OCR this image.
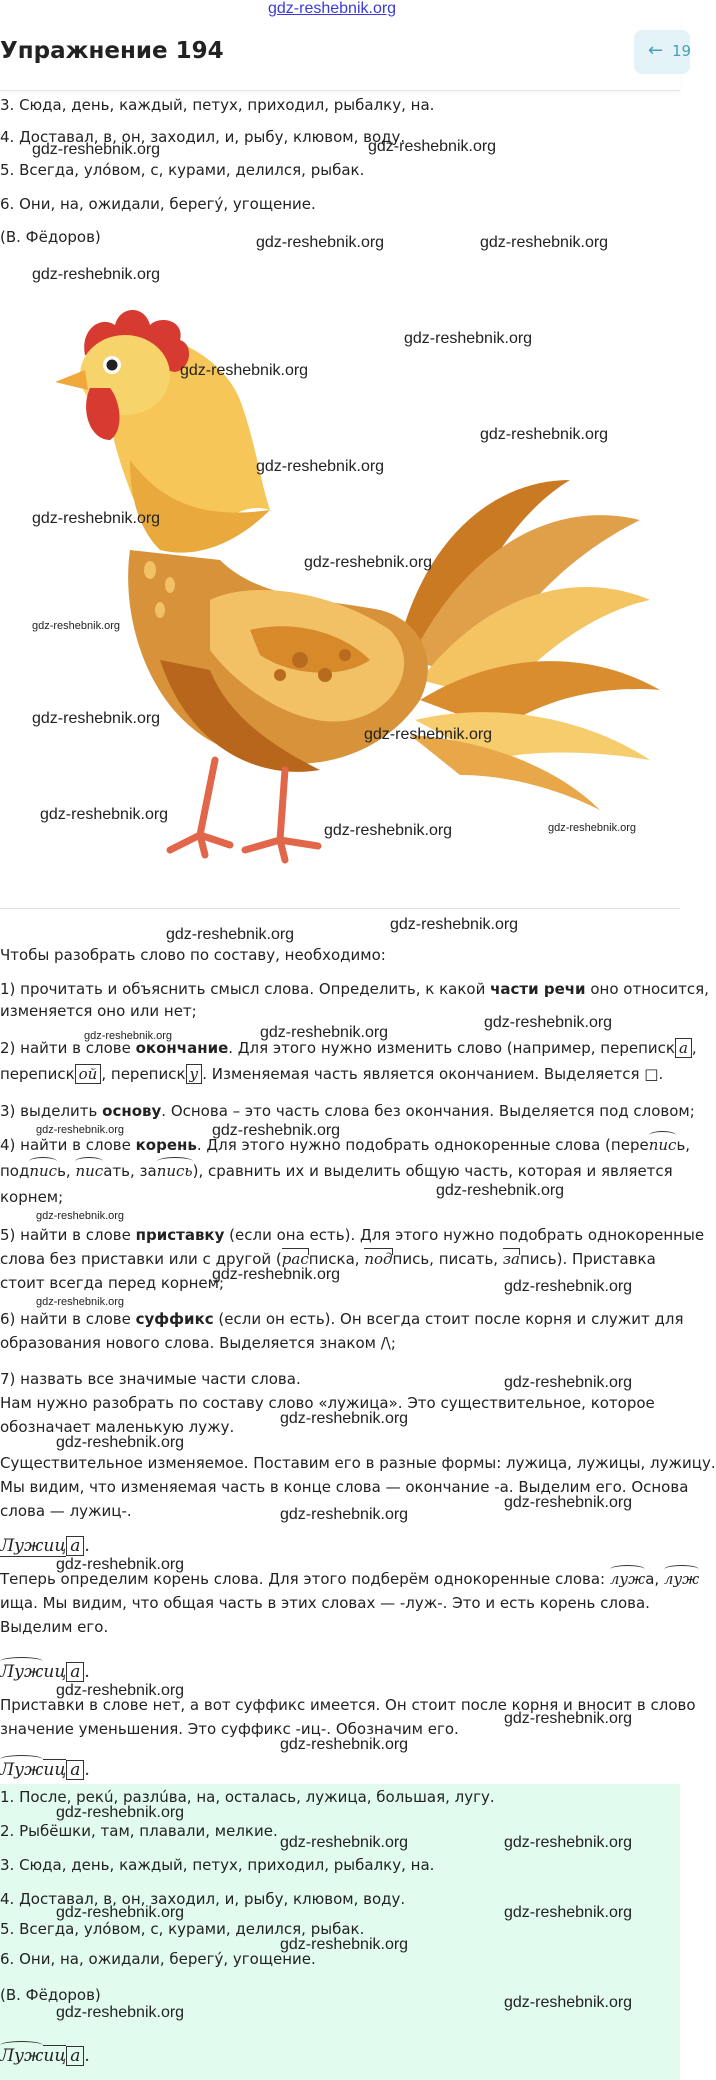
gdz-reshebnik.org
Упражнение 194	← 19
3. Сюда, день, каждый, петух, приходил, рыбалку, на.
4. Доставал, в, он, заходил, и, рыбу, клювом, воду.
5. Всегда, улóвом, с, курами, делился, рыбак.
6. Они, на, ожидали, берегý, угощение.
(В. Фёдоров)
gdz-reshebnik.org	gdz-reshebnik.org
gdz-reshebnik.org	gdz-reshebnik.org
gdz-reshebnik.org
gdz-reshebnik.org
gdz-reshebnik.org
gdz-reshebnik.org
gdz-reshebnik.org
gdz-reshebnik.org
gdz-reshebnik.org
gdz-reshebnik.org
gdz-reshebnik.org
gdz-reshebnik.org
gdz-reshebnik.org
gdz-reshebnik.org	gdz-reshebnik.org
gdz-reshebnik.org
gdz-reshebnik.org
Чтобы разобрать слово по составу, необходимо:
1) прочитать и объяснить смысл слова. Определить, к какой части речи оно относится,
изменяется оно или нет;
2) найти в слове окончание. Для этого нужно изменить слово (например, переписк а ,
переписк ой , переписк у . Изменяемая часть является окончанием. Выделяется □.
3) выделить основу. Основа – это часть слова без окончания. Выделяется под словом;
4) найти в слове корень. Для этого нужно подобрать однокоренные слова (перепись,
подпись, писать, запись), сравнить их и выделить общую часть, которая и является
корнем;
5) найти в слове приставку (если она есть). Для этого нужно подобрать однокоренные
слова без приставки или с другой (расписка, подпись, писать, запись). Приставка
стоит всегда перед корнем;
6) найти в слове суффикс (если он есть). Он всегда стоит после корня и служит для
образования нового слова. Выделяется знаком /\;
7) назвать все значимые части слова.
Нам нужно разобрать по составу слово «лужица». Это существительное, которое
обозначает маленькую лужу.
Существительное изменяемое. Поставим его в разные формы: лужица, лужицы, лужицу.
Мы видим, что изменяемая часть в конце слова — окончание -а. Выделим его. Основа
слова — лужиц-.
Лужиц а .
Теперь определим корень слова. Для этого подберём однокоренные слова: лужа, луж
ища. Мы видим, что общая часть в этих словах — -луж-. Это и есть корень слова.
Выделим его.
Лужиц а .
Приставки в слове нет, а вот суффикс имеется. Он стоит после корня и вносит в слово
значение уменьшения. Это суффикс -иц-. Обозначим его.
Лужиц а .
gdz-reshebnik.org	gdz-reshebnik.org
gdz-reshebnik.org
gdz-reshebnik.org	gdz-reshebnik.org
gdz-reshebnik.org
gdz-reshebnik.org
gdz-reshebnik.org
gdz-reshebnik.org
gdz-reshebnik.org
gdz-reshebnik.org
gdz-reshebnik.org
gdz-reshebnik.org
gdz-reshebnik.org
gdz-reshebnik.org
gdz-reshebnik.org
gdz-reshebnik.org
gdz-reshebnik.org
gdz-reshebnik.org
1. После, рекú, разлúва, на, осталась, лужица, большая, лугу.
2. Рыбёшки, там, плавали, мелкие.
3. Сюда, день, каждый, петух, приходил, рыбалку, на.
4. Доставал, в, он, заходил, и, рыбу, клювом, воду.
5. Всегда, улóвом, с, курами, делился, рыбак.
6. Они, на, ожидали, берегý, угощение.
(В. Фёдоров)
Лужиц а .
gdz-reshebnik.org
gdz-reshebnik.org	gdz-reshebnik.org
gdz-reshebnik.org	gdz-reshebnik.org
gdz-reshebnik.org
gdz-reshebnik.org
gdz-reshebnik.org
